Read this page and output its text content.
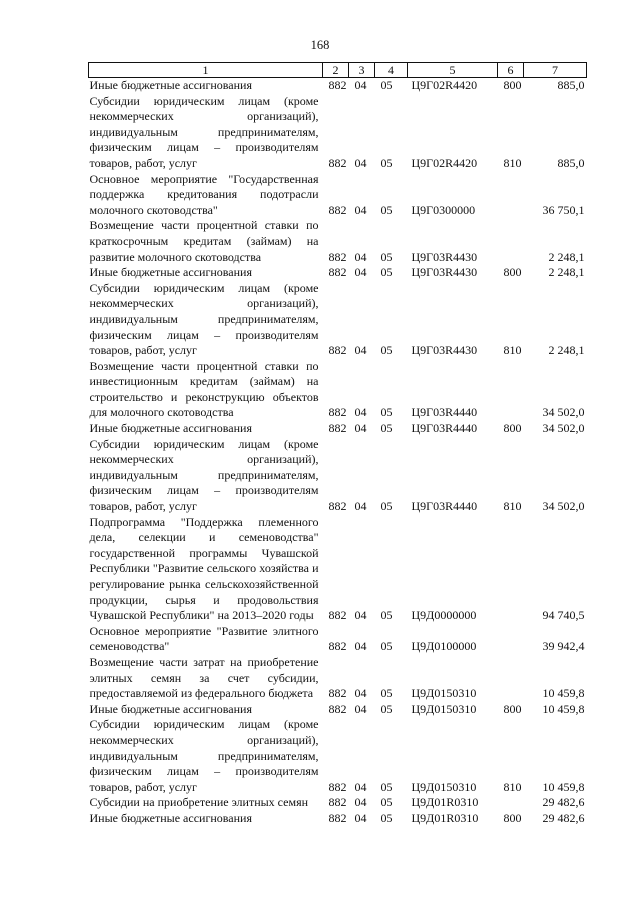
168
1	2	3	4	5	6	7
Иные бюджетные ассигнования	882	04	05	Ц9Г02R4420	800	885,0
Субсидии юридическим лицам (кроме некоммерческих организаций), индивидуальным предпринимателям, физическим лицам – производителям товаров, работ, услуг	882	04	05	Ц9Г02R4420	810	885,0
Основное мероприятие "Государственная поддержка кредитования подотрасли молочного скотоводства"	882	04	05	Ц9Г0300000		36 750,1
Возмещение части процентной ставки по краткосрочным кредитам (займам) на развитие молочного скотоводства	882	04	05	Ц9Г03R4430		2 248,1
Иные бюджетные ассигнования	882	04	05	Ц9Г03R4430	800	2 248,1
Субсидии юридическим лицам (кроме некоммерческих организаций), индивидуальным предпринимателям, физическим лицам – производителям товаров, работ, услуг	882	04	05	Ц9Г03R4430	810	2 248,1
Возмещение части процентной ставки по инвестиционным кредитам (займам) на строительство и реконструкцию объектов для молочного скотоводства	882	04	05	Ц9Г03R4440		34 502,0
Иные бюджетные ассигнования	882	04	05	Ц9Г03R4440	800	34 502,0
Субсидии юридическим лицам (кроме некоммерческих организаций), индивидуальным предпринимателям, физическим лицам – производителям товаров, работ, услуг	882	04	05	Ц9Г03R4440	810	34 502,0
Подпрограмма "Поддержка племенного дела, селекции и семеноводства" государственной программы Чувашской Республики "Развитие сельского хозяйства и регулирование рынка сельскохозяйственной продукции, сырья и продовольствия Чувашской Республики" на 2013–2020 годы	882	04	05	Ц9Д0000000		94 740,5
Основное мероприятие "Развитие элитного семеноводства"	882	04	05	Ц9Д0100000		39 942,4
Возмещение части затрат на приобретение элитных семян за счет субсидии, предоставляемой из федерального бюджета	882	04	05	Ц9Д0150310		10 459,8
Иные бюджетные ассигнования	882	04	05	Ц9Д0150310	800	10 459,8
Субсидии юридическим лицам (кроме некоммерческих организаций), индивидуальным предпринимателям, физическим лицам – производителям товаров, работ, услуг	882	04	05	Ц9Д0150310	810	10 459,8
Субсидии на приобретение элитных семян	882	04	05	Ц9Д01R0310		29 482,6
Иные бюджетные ассигнования	882	04	05	Ц9Д01R0310	800	29 482,6
